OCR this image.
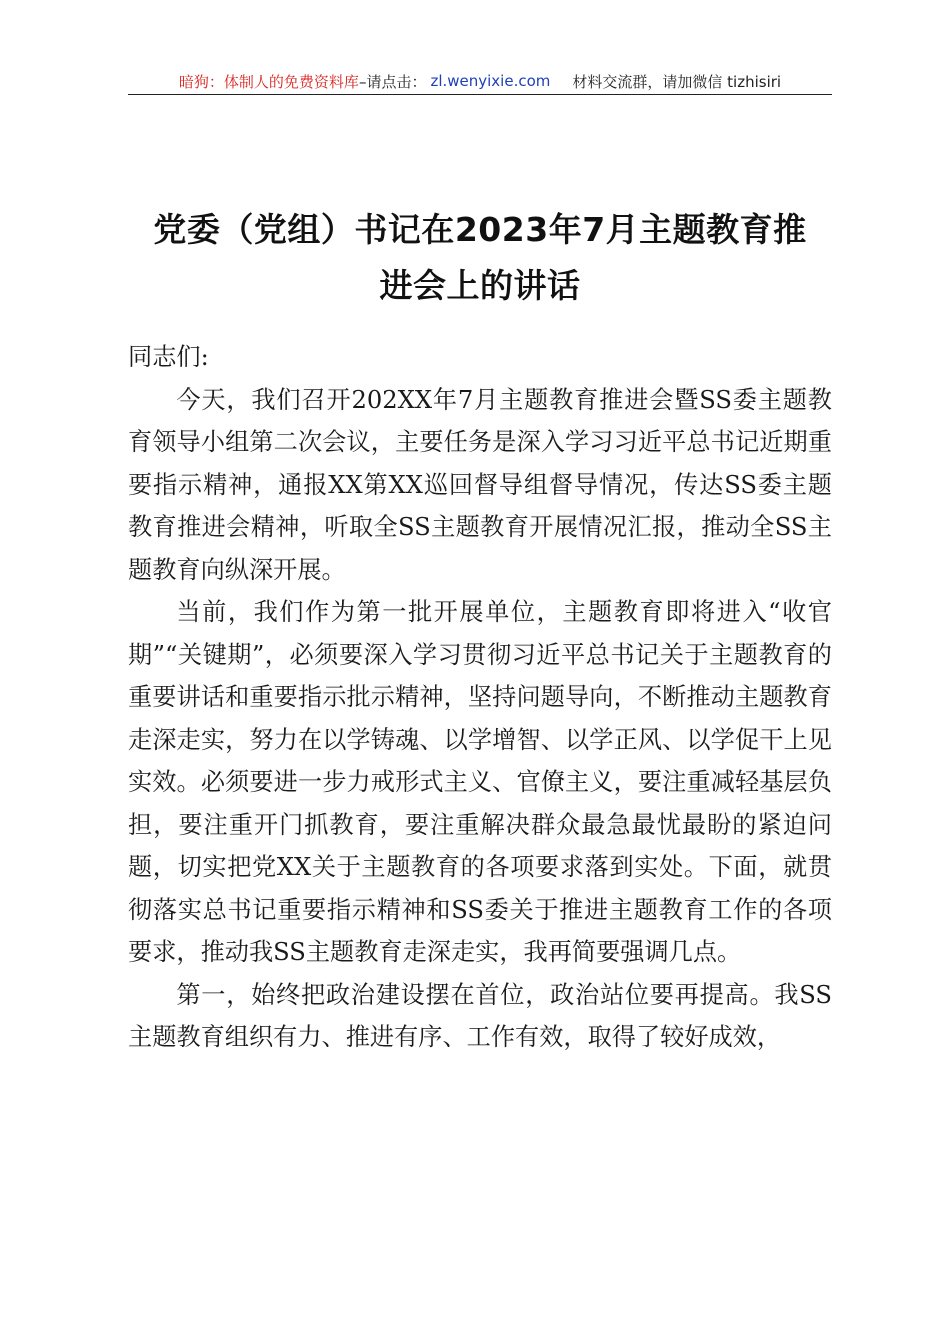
暗狗：体制人的免费资料库 –请点击： zl.wenyixie.com 材料交流群，请加微信 tizhisiri
党委（党组）书记在2023年7月主题教育推
进会上的讲话

同志们:

今天，我们召开202XX年7月主题教育推进会暨SS委主题教育领导小组第二次会议，主要任务是深入学习习近平总书记近期重要指示精神，通报XX第XX巡回督导组督导情况，传达SS委主题教育推进会精神，听取全SS主题教育开展情况汇报，推动全SS主题教育向纵深开展。

当前，我们作为第一批开展单位，主题教育即将进入“收官期”“关键期”，必须要深入学习贯彻习近平总书记关于主题教育的重要讲话和重要指示批示精神，坚持问题导向，不断推动主题教育走深走实，努力在以学铸魂、以学增智、以学正风、以学促干上见实效。必须要进一步力戒形式主义、官僚主义，要注重减轻基层负担，要注重开门抓教育，要注重解决群众最急最忧最盼的紧迫问题，切实把党XX关于主题教育的各项要求落到实处。下面，就贯彻落实总书记重要指示精神和SS委关于推进主题教育工作的各项要求，推动我SS主题教育走深走实，我再简要强调几点。

第一，始终把政治建设摆在首位，政治站位要再提高。我SS主题教育组织有力、推进有序、工作有效，取得了较好成效，
